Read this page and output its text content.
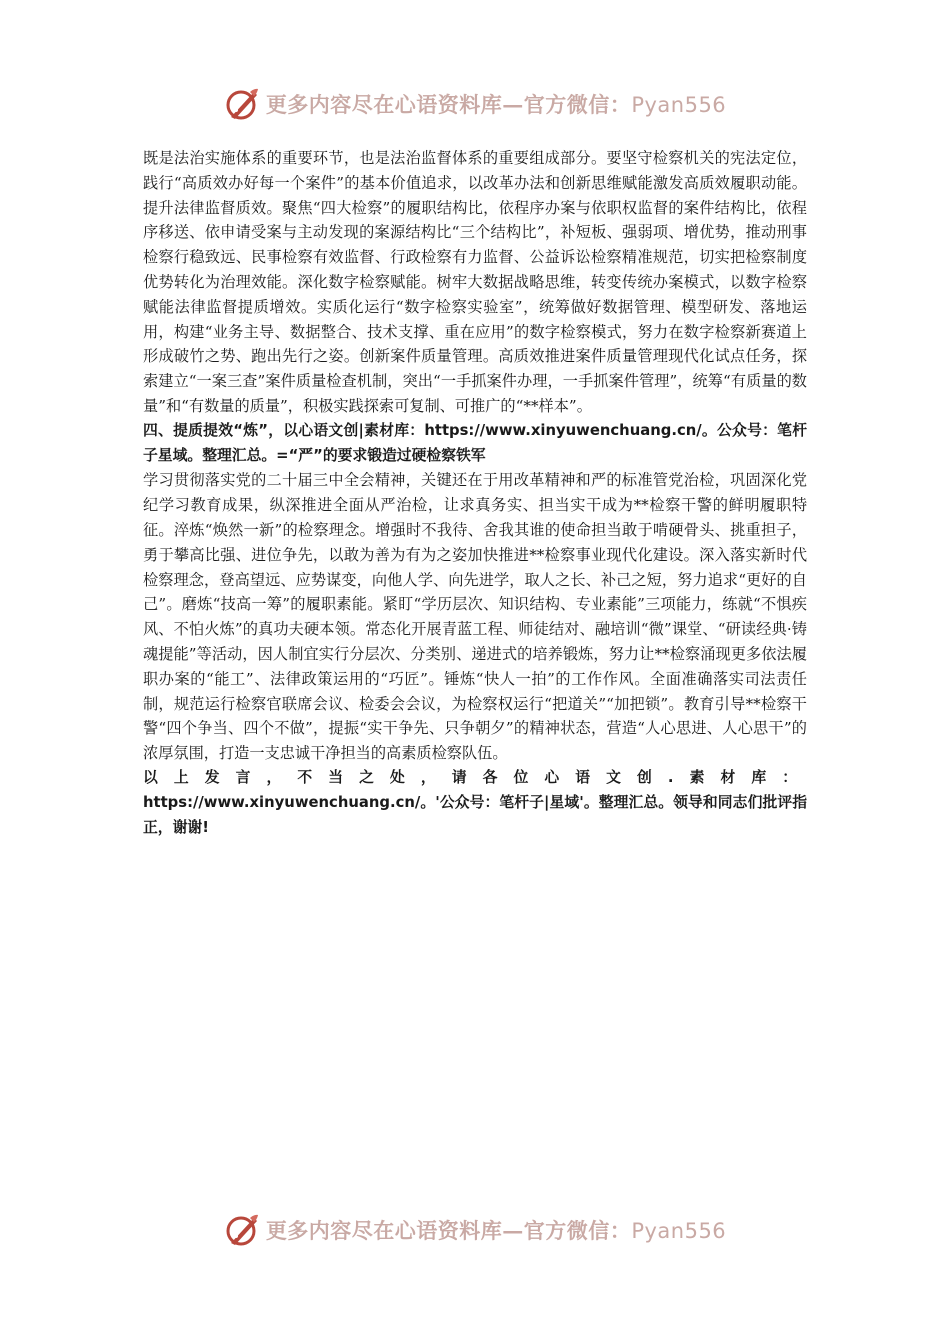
更多内容尽在心语资料库—官方微信：Pyan556

既是法治实施体系的重要环节，也是法治监督体系的重要组成部分。要坚守检察机关的宪法定位，践行“高质效办好每一个案件”的基本价值追求，以改革办法和创新思维赋能激发高质效履职动能。提升法律监督质效。聚焦“四大检察”的履职结构比，依程序办案与依职权监督的案件结构比，依程序移送、依申请受案与主动发现的案源结构比“三个结构比”，补短板、强弱项、增优势，推动刑事检察行稳致远、民事检察有效监督、行政检察有力监督、公益诉讼检察精准规范，切实把检察制度优势转化为治理效能。深化数字检察赋能。树牢大数据战略思维，转变传统办案模式，以数字检察赋能法律监督提质增效。实质化运行“数字检察实验室”，统筹做好数据管理、模型研发、落地运用，构建“业务主导、数据整合、技术支撑、重在应用”的数字检察模式，努力在数字检察新赛道上形成破竹之势、跑出先行之姿。创新案件质量管理。高质效推进案件质量管理现代化试点任务，探索建立“一案三查”案件质量检查机制，突出“一手抓案件办理，一手抓案件管理”，统筹“有质量的数量”和“有数量的质量”，积极实践探索可复制、可推广的“**样本”。

四、提质提效“炼”，以心语文创|素材库：https://www.xinyuwenchuang.cn/。公众号：笔杆子星域。整理汇总。=“严”的要求锻造过硬检察铁军

学习贯彻落实党的二十届三中全会精神，关键还在于用改革精神和严的标准管党治检，巩固深化党纪学习教育成果，纵深推进全面从严治检，让求真务实、担当实干成为**检察干警的鲜明履职特征。淬炼“焕然一新”的检察理念。增强时不我待、舍我其谁的使命担当敢于啃硬骨头、挑重担子，勇于攀高比强、进位争先，以敢为善为有为之姿加快推进**检察事业现代化建设。深入落实新时代检察理念，登高望远、应势谋变，向他人学、向先进学，取人之长、补己之短，努力追求“更好的自己”。磨炼“技高一筹”的履职素能。紧盯“学历层次、知识结构、专业素能”三项能力，练就“不惧疾风、不怕火炼”的真功夫硬本领。常态化开展青蓝工程、师徒结对、融培训“微”课堂、“研读经典·铸魂提能”等活动，因人制宜实行分层次、分类别、递进式的培养锻炼，努力让**检察涌现更多依法履职办案的“能工”、法律政策运用的“巧匠”。锤炼“快人一拍”的工作作风。全面准确落实司法责任制，规范运行检察官联席会议、检委会会议，为检察权运行“把道关”“加把锁”。教育引导**检察干警“四个争当、四个不做”，提振“实干争先、只争朝夕”的精神状态，营造“人心思进、人心思干”的浓厚氛围，打造一支忠诚干净担当的高素质检察队伍。

以上发言，不当之处，请各位心语文创.素材库： https://www.xinyuwenchuang.cn/。'公众号：笔杆子|星域'。整理汇总。领导和同志们批评指正，谢谢!

更多内容尽在心语资料库—官方微信：Pyan556
